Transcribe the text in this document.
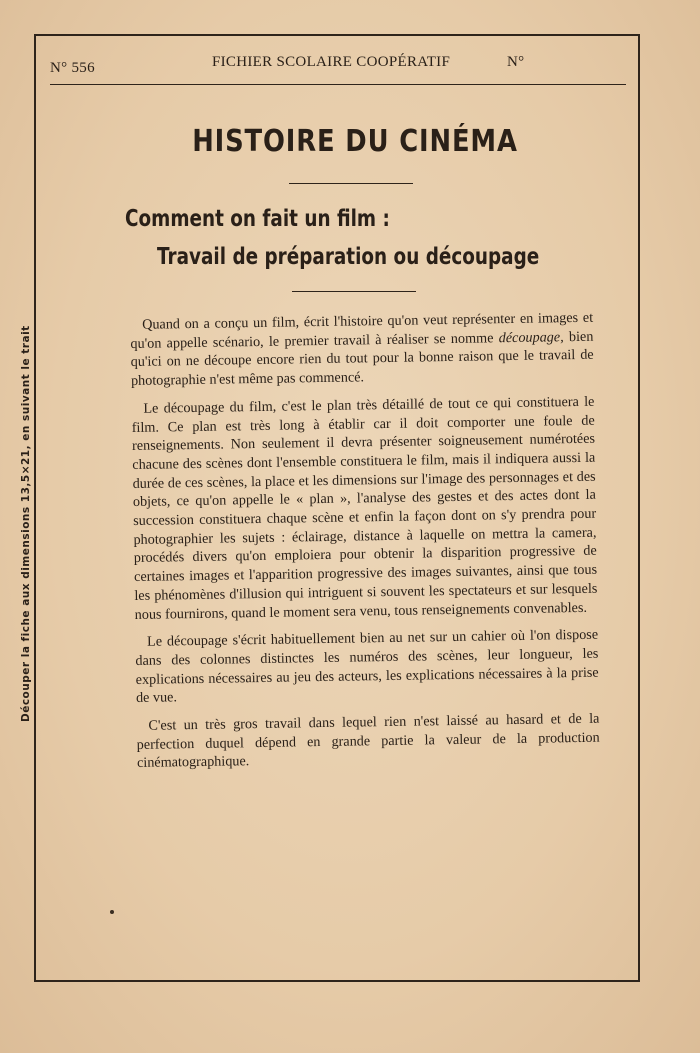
N° 556	FICHIER SCOLAIRE COOPÉRATIF	N°
HISTOIRE DU CINÉMA
Comment on fait un film :
Travail de préparation ou découpage

Quand on a conçu un film, écrit l'histoire qu'on veut représenter en images et qu'on appelle scénario, le premier travail à réaliser se nomme découpage, bien qu'ici on ne découpe encore rien du tout pour la bonne raison que le travail de photographie n'est même pas commencé.

Le découpage du film, c'est le plan très détaillé de tout ce qui constituera le film. Ce plan est très long à établir car il doit comporter une foule de renseignements. Non seulement il devra présenter soigneusement numérotées chacune des scènes dont l'ensemble constituera le film, mais il indiquera aussi la durée de ces scènes, la place et les dimensions sur l'image des personnages et des objets, ce qu'on appelle le « plan », l'analyse des gestes et des actes dont la succession constituera chaque scène et enfin la façon dont on s'y prendra pour photographier les sujets : éclairage, distance à laquelle on mettra la camera, procédés divers qu'on emploiera pour obtenir la disparition progressive de certaines images et l'apparition progressive des images suivantes, ainsi que tous les phénomènes d'illusion qui intriguent si souvent les spectateurs et sur lesquels nous fournirons, quand le moment sera venu, tous renseignements convenables.

Le découpage s'écrit habituellement bien au net sur un cahier où l'on dispose dans des colonnes distinctes les numéros des scènes, leur longueur, les explications nécessaires au jeu des acteurs, les explications nécessaires à la prise de vue.

C'est un très gros travail dans lequel rien n'est laissé au hasard et de la perfection duquel dépend en grande partie la valeur de la production cinématographique.

Découper la fiche aux dimensions 13,5×21, en suivant le trait
